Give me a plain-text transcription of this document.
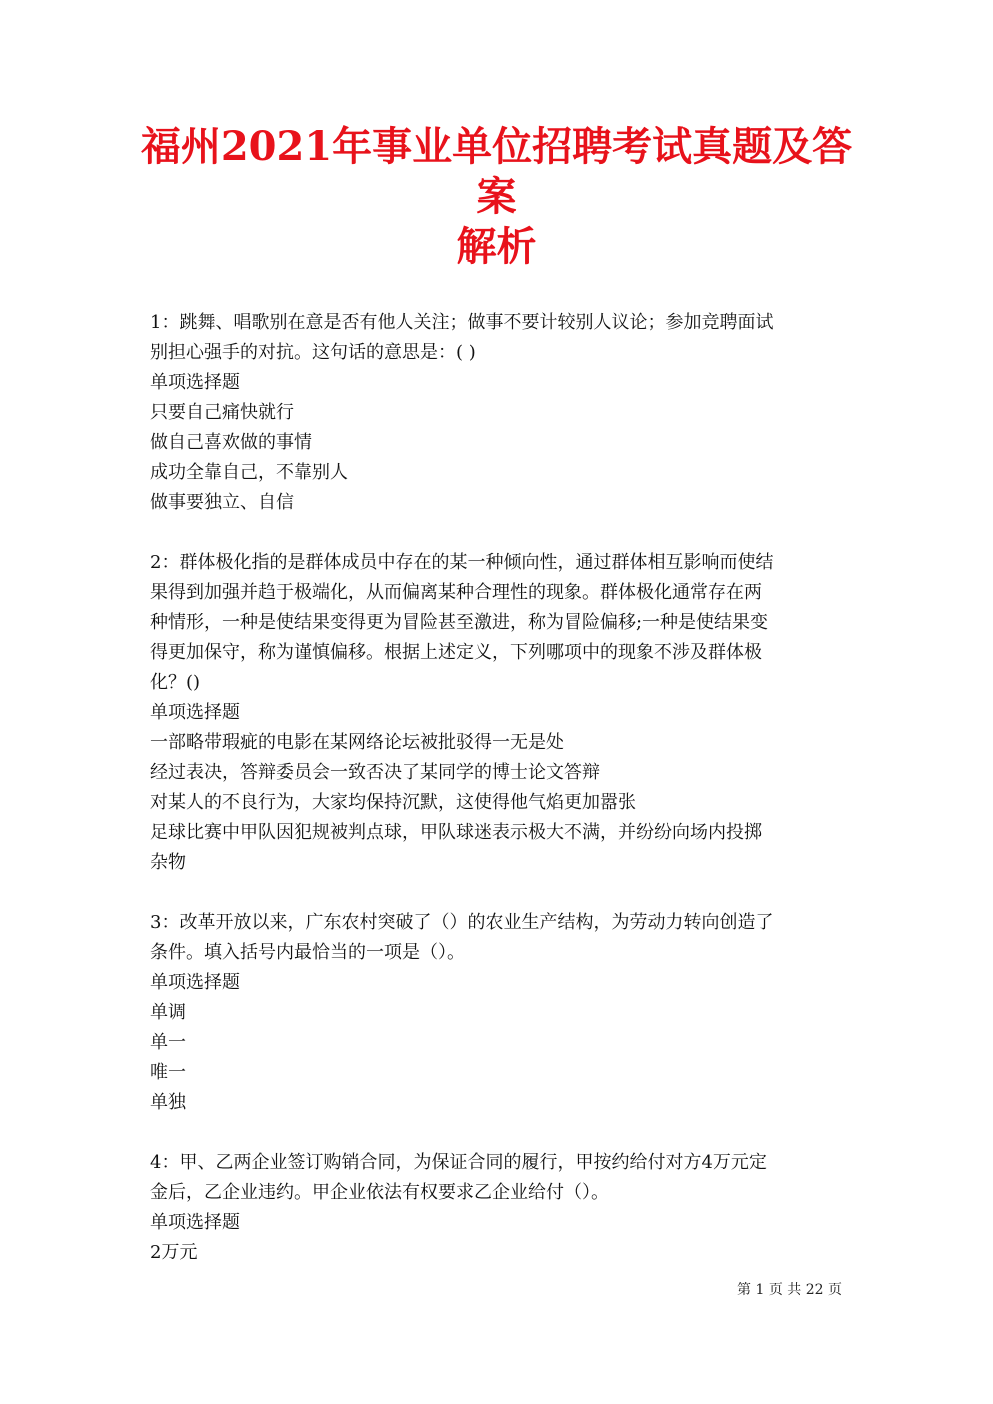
福州2021年事业单位招聘考试真题及答案
解析
1：跳舞、唱歌别在意是否有他人关注；做事不要计较别人议论；参加竞聘面试
别担心强手的对抗。这句话的意思是：( )
单项选择题
只要自己痛快就行
做自己喜欢做的事情
成功全靠自己，不靠别人
做事要独立、自信
2：群体极化指的是群体成员中存在的某一种倾向性，通过群体相互影响而使结
果得到加强并趋于极端化，从而偏离某种合理性的现象。群体极化通常存在两
种情形，一种是使结果变得更为冒险甚至激进，称为冒险偏移;一种是使结果变
得更加保守，称为谨慎偏移。根据上述定义，下列哪项中的现象不涉及群体极
化？()
单项选择题
一部略带瑕疵的电影在某网络论坛被批驳得一无是处
经过表决，答辩委员会一致否决了某同学的博士论文答辩
对某人的不良行为，大家均保持沉默，这使得他气焰更加嚣张
足球比赛中甲队因犯规被判点球，甲队球迷表示极大不满，并纷纷向场内投掷
杂物
3：改革开放以来，广东农村突破了（）的农业生产结构，为劳动力转向创造了
条件。填入括号内最恰当的一项是（）。
单项选择题
单调
单一
唯一
单独
4：甲、乙两企业签订购销合同，为保证合同的履行，甲按约给付对方4万元定
金后，乙企业违约。甲企业依法有权要求乙企业给付（）。
单项选择题
2万元
第 1 页 共 22 页
